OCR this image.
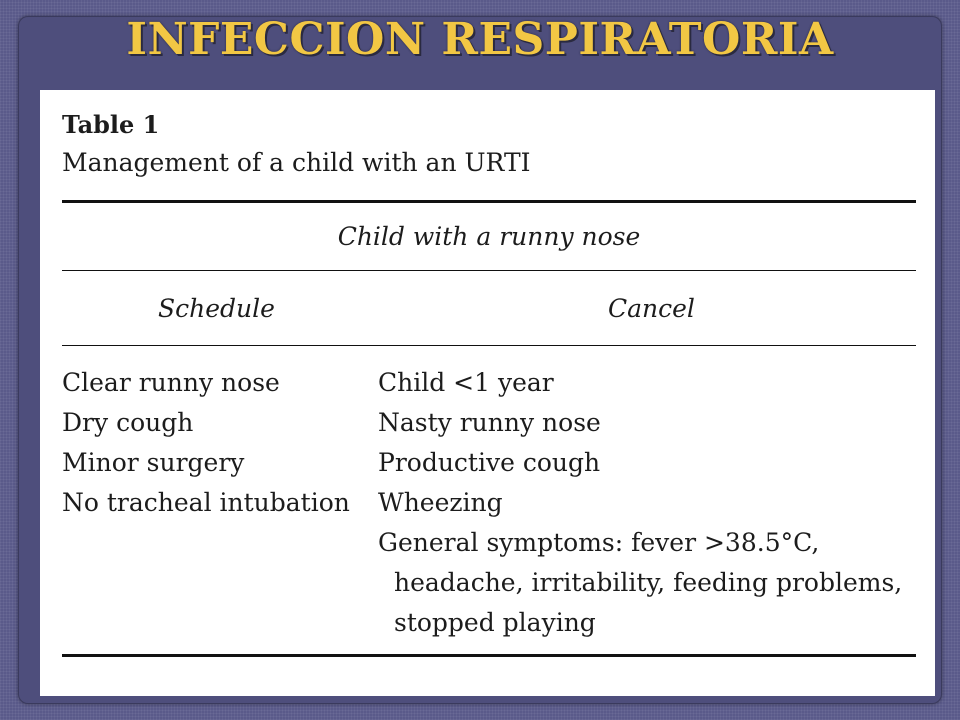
INFECCION RESPIRATORIA

Table 1

Management of a child with an URTI

Child with a runny nose

Schedule	Cancel

Clear runny nose

Dry cough

Minor surgery

No tracheal intubation

Child <1 year

Nasty runny nose

Productive cough

Wheezing

General symptoms: fever >38.5°C,

headache, irritability, feeding problems,

stopped playing
